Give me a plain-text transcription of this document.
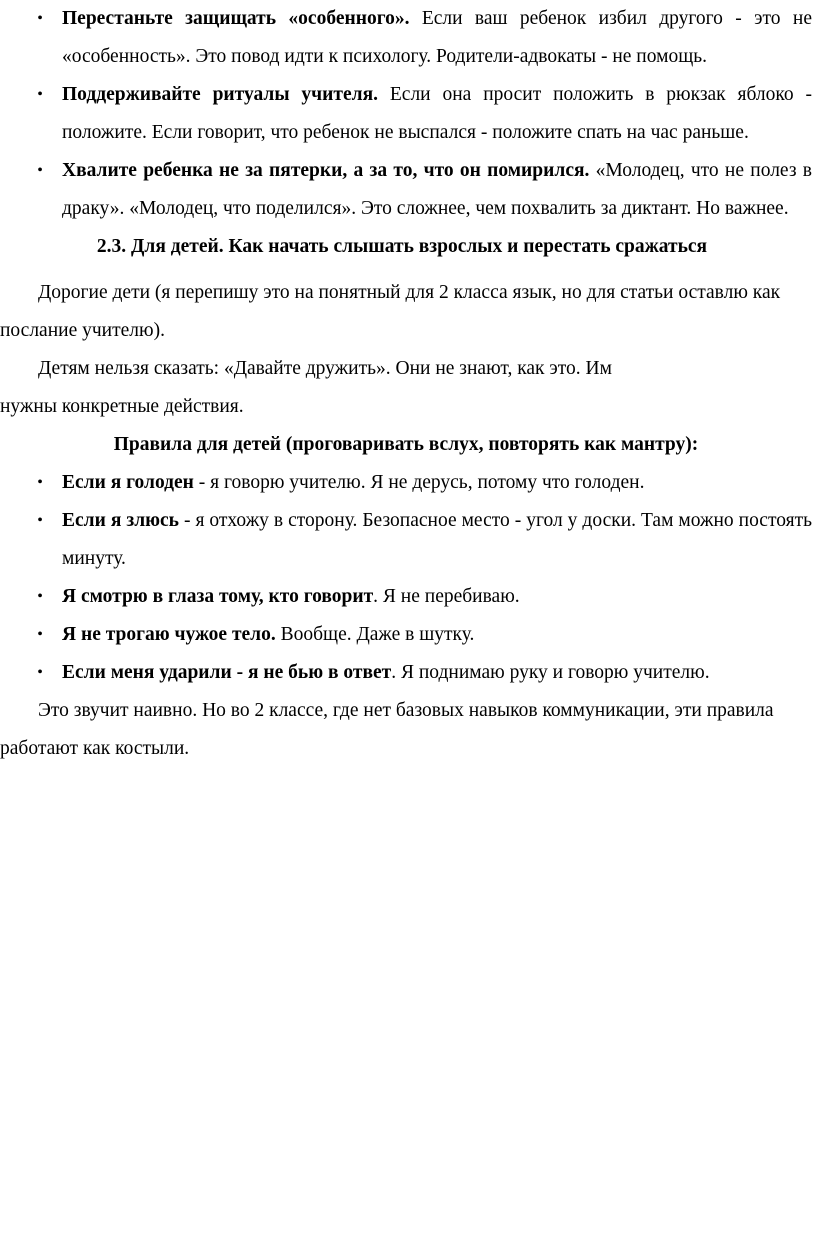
• Перестаньте защищать «особенного». Если ваш ребенок избил другого - это не «особенность». Это повод идти к психологу. Родители-адвокаты - не помощь.
• Поддерживайте ритуалы учителя. Если она просит положить в рюкзак яблоко - положите. Если говорит, что ребенок не выспался - положите спать на час раньше.
• Хвалите ребенка не за пятерки, а за то, что он помирился. «Молодец, что не полез в драку». «Молодец, что поделился». Это сложнее, чем похвалить за диктант. Но важнее.

2.3. Для детей. Как начать слышать взрослых и перестать сражаться

Дорогие дети (я перепишу это на понятный для 2 класса язык, но для статьи оставлю как послание учителю).

Детям нельзя сказать: «Давайте дружить». Они не знают, как это. Им

нужны конкретные действия.

Правила для детей (проговаривать вслух, повторять как мантру):

• Если я голоден - я говорю учителю. Я не дерусь, потому что голоден.
• Если я злюсь - я отхожу в сторону. Безопасное место - угол у доски. Там можно постоять минуту.
• Я смотрю в глаза тому, кто говорит. Я не перебиваю.
• Я не трогаю чужое тело. Вообще. Даже в шутку.
• Если меня ударили - я не бью в ответ. Я поднимаю руку и говорю учителю.

Это звучит наивно. Но во 2 классе, где нет базовых навыков коммуникации, эти правила работают как костыли.
